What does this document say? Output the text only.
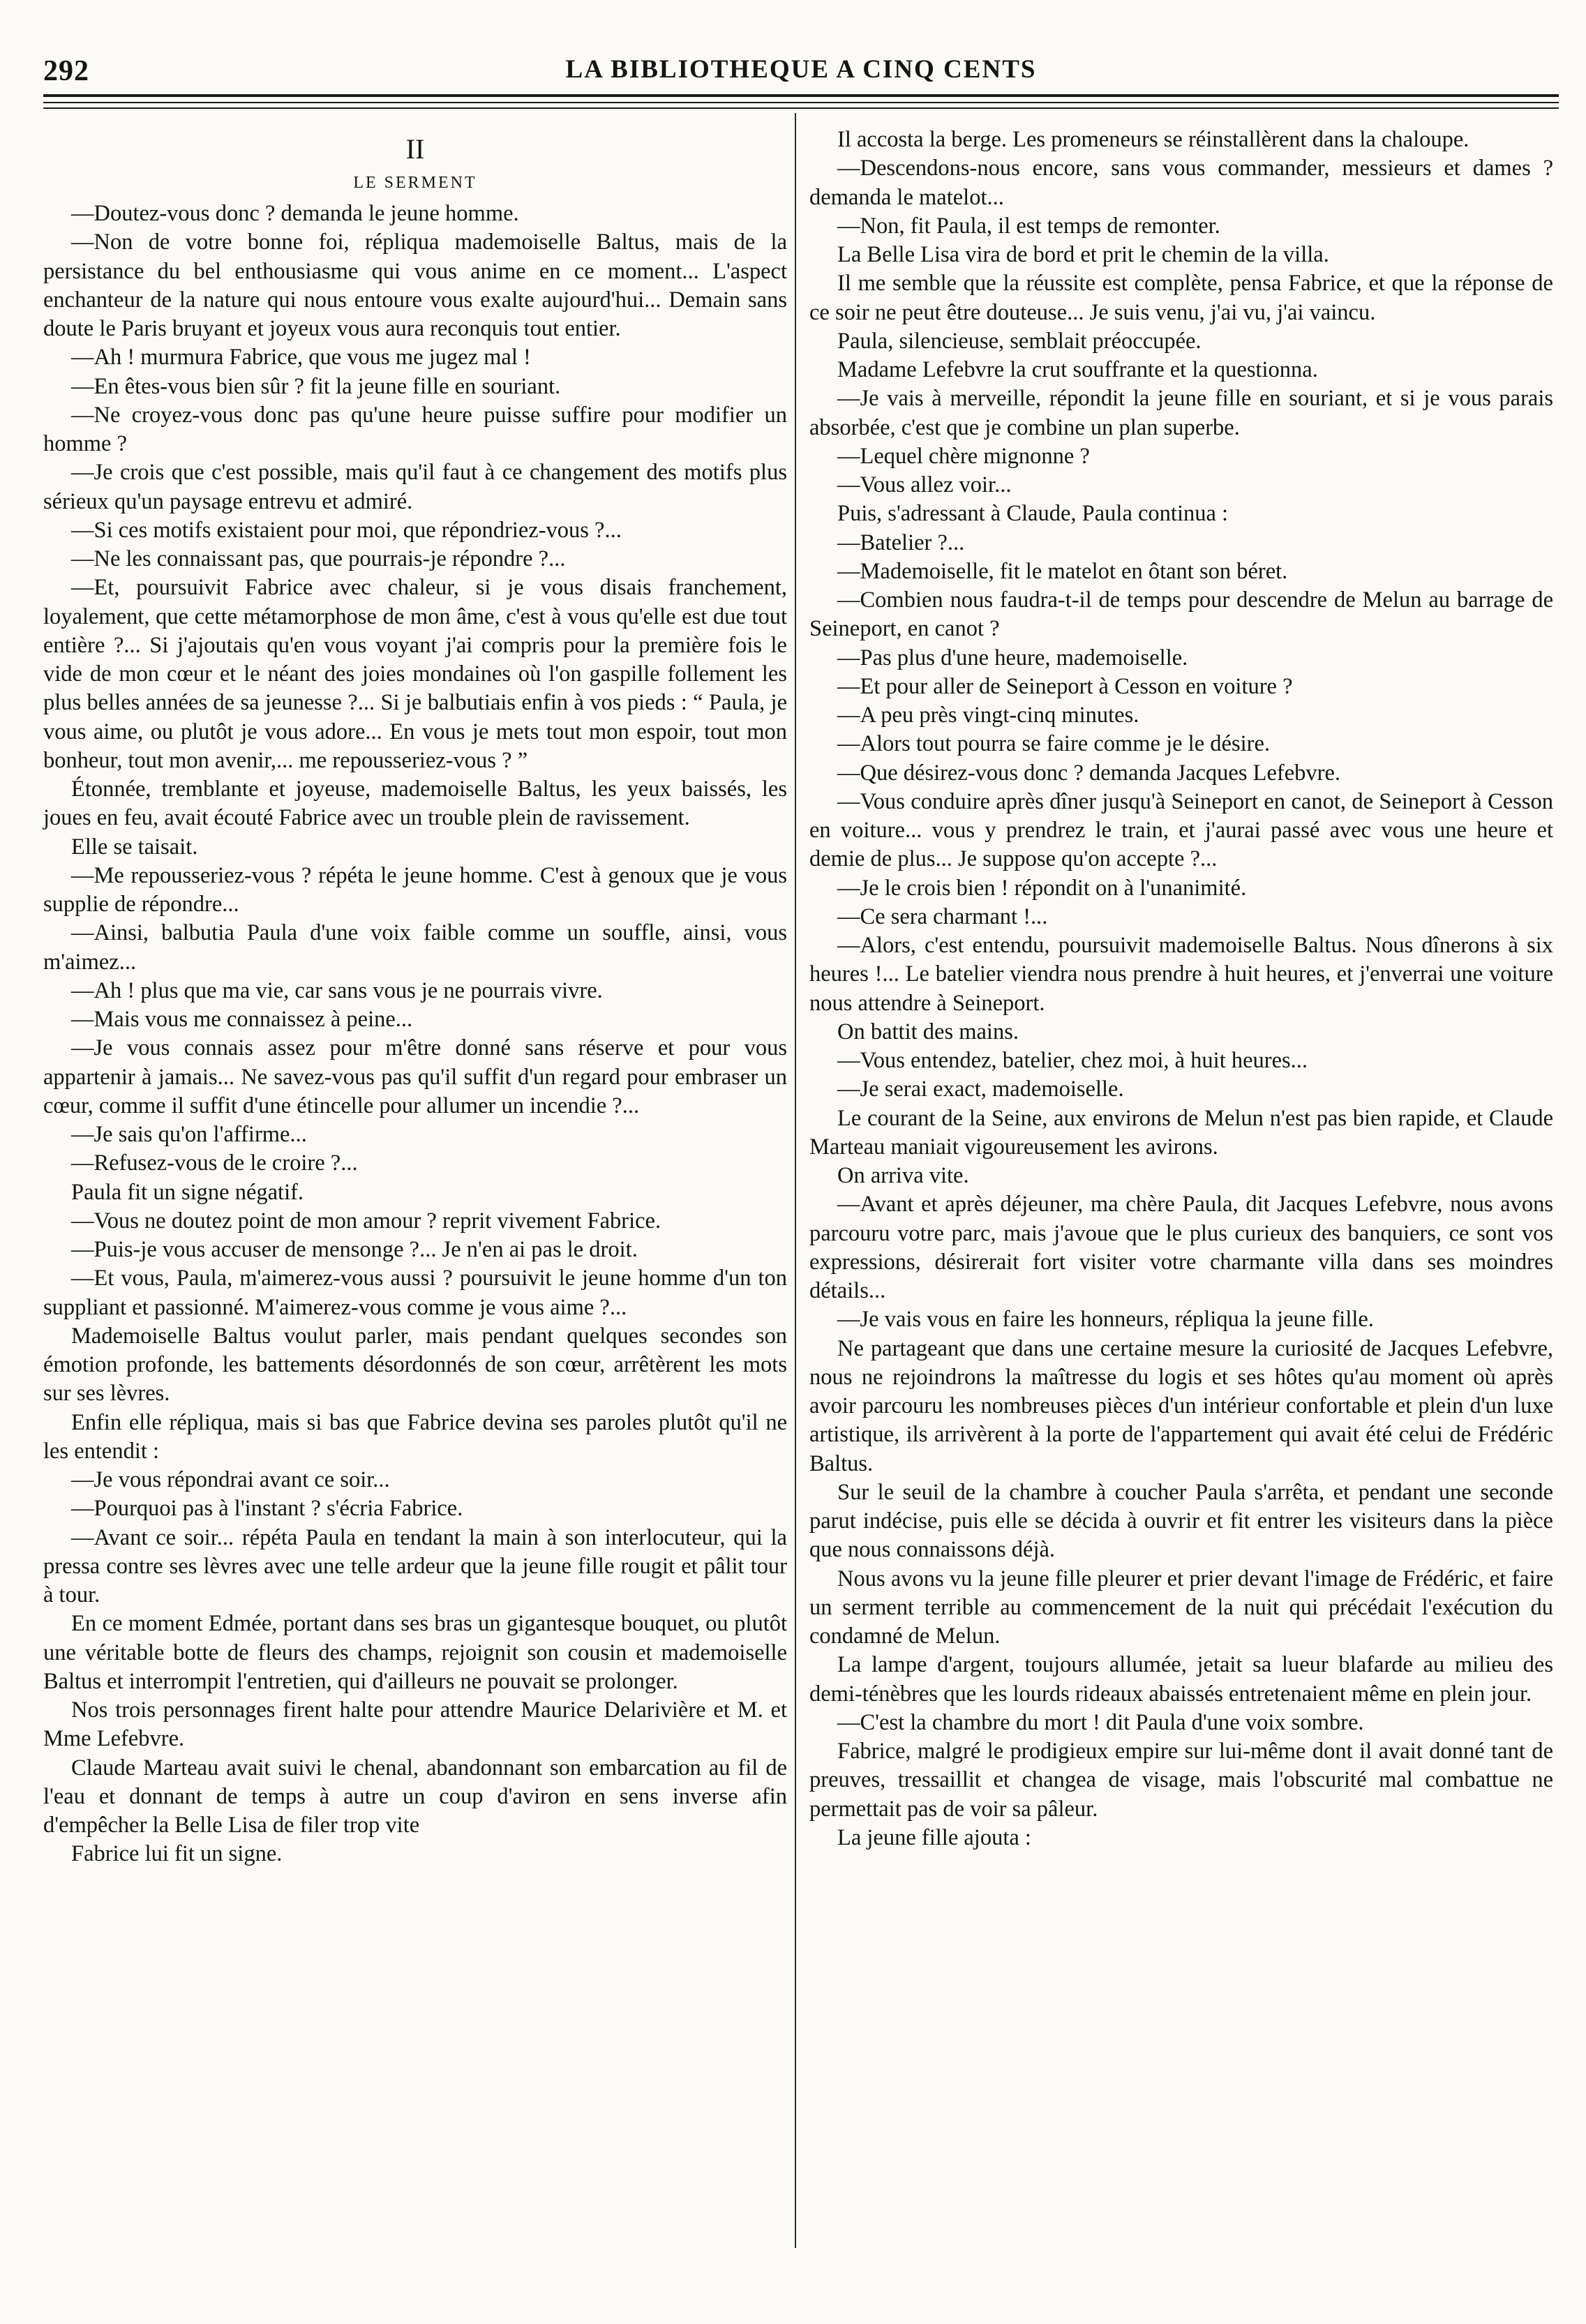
292	LA BIBLIOTHEQUE A CINQ CENTS
II
LE SERMENT

—Doutez-vous donc ? demanda le jeune homme.

—Non de votre bonne foi, répliqua mademoiselle Baltus, mais de la persistance du bel enthousiasme qui vous anime en ce moment... L'aspect enchanteur de la nature qui nous entoure vous exalte aujourd'hui... Demain sans doute le Paris bruyant et joyeux vous aura reconquis tout entier.

—Ah ! murmura Fabrice, que vous me jugez mal !

—En êtes-vous bien sûr ? fit la jeune fille en souriant.

—Ne croyez-vous donc pas qu'une heure puisse suffire pour modifier un homme ?

—Je crois que c'est possible, mais qu'il faut à ce changement des motifs plus sérieux qu'un paysage entrevu et admiré.

—Si ces motifs existaient pour moi, que répondriez-vous ?...

—Ne les connaissant pas, que pourrais-je répondre ?...

—Et, poursuivit Fabrice avec chaleur, si je vous disais franchement, loyalement, que cette métamorphose de mon âme, c'est à vous qu'elle est due tout entière ?... Si j'ajoutais qu'en vous voyant j'ai compris pour la première fois le vide de mon cœur et le néant des joies mondaines où l'on gaspille follement les plus belles années de sa jeunesse ?... Si je balbutiais enfin à vos pieds : “ Paula, je vous aime, ou plutôt je vous adore... En vous je mets tout mon espoir, tout mon bonheur, tout mon avenir,... me repousseriez-vous ? ”

Étonnée, tremblante et joyeuse, mademoiselle Baltus, les yeux baissés, les joues en feu, avait écouté Fabrice avec un trouble plein de ravissement.

Elle se taisait.

—Me repousseriez-vous ? répéta le jeune homme. C'est à genoux que je vous supplie de répondre...

—Ainsi, balbutia Paula d'une voix faible comme un souffle, ainsi, vous m'aimez...

—Ah ! plus que ma vie, car sans vous je ne pourrais vivre.

—Mais vous me connaissez à peine...

—Je vous connais assez pour m'être donné sans réserve et pour vous appartenir à jamais... Ne savez-vous pas qu'il suffit d'un regard pour embraser un cœur, comme il suffit d'une étincelle pour allumer un incendie ?...

—Je sais qu'on l'affirme...

—Refusez-vous de le croire ?...

Paula fit un signe négatif.

—Vous ne doutez point de mon amour ? reprit vivement Fabrice.

—Puis-je vous accuser de mensonge ?... Je n'en ai pas le droit.

—Et vous, Paula, m'aimerez-vous aussi ? poursuivit le jeune homme d'un ton suppliant et passionné. M'aimerez-vous comme je vous aime ?...

Mademoiselle Baltus voulut parler, mais pendant quelques secondes son émotion profonde, les battements désordonnés de son cœur, arrêtèrent les mots sur ses lèvres.

Enfin elle répliqua, mais si bas que Fabrice devina ses paroles plutôt qu'il ne les entendit :

—Je vous répondrai avant ce soir...

—Pourquoi pas à l'instant ? s'écria Fabrice.

—Avant ce soir... répéta Paula en tendant la main à son interlocuteur, qui la pressa contre ses lèvres avec une telle ardeur que la jeune fille rougit et pâlit tour à tour.

En ce moment Edmée, portant dans ses bras un gigantesque bouquet, ou plutôt une véritable botte de fleurs des champs, rejoignit son cousin et mademoiselle Baltus et interrompit l'entretien, qui d'ailleurs ne pouvait se prolonger.

Nos trois personnages firent halte pour attendre Maurice Delarivière et M. et Mme Lefebvre.

Claude Marteau avait suivi le chenal, abandonnant son embarcation au fil de l'eau et donnant de temps à autre un coup d'aviron en sens inverse afin d'empêcher la Belle Lisa de filer trop vite

Fabrice lui fit un signe.

Il accosta la berge. Les promeneurs se réinstallèrent dans la chaloupe.

—Descendons-nous encore, sans vous commander, messieurs et dames ? demanda le matelot...

—Non, fit Paula, il est temps de remonter.

La Belle Lisa vira de bord et prit le chemin de la villa.

Il me semble que la réussite est complète, pensa Fabrice, et que la réponse de ce soir ne peut être douteuse... Je suis venu, j'ai vu, j'ai vaincu.

Paula, silencieuse, semblait préoccupée.

Madame Lefebvre la crut souffrante et la questionna.

—Je vais à merveille, répondit la jeune fille en souriant, et si je vous parais absorbée, c'est que je combine un plan superbe.

—Lequel chère mignonne ?

—Vous allez voir...

Puis, s'adressant à Claude, Paula continua :

—Batelier ?...

—Mademoiselle, fit le matelot en ôtant son béret.

—Combien nous faudra-t-il de temps pour descendre de Melun au barrage de Seineport, en canot ?

—Pas plus d'une heure, mademoiselle.

—Et pour aller de Seineport à Cesson en voiture ?

—A peu près vingt-cinq minutes.

—Alors tout pourra se faire comme je le désire.

—Que désirez-vous donc ? demanda Jacques Lefebvre.

—Vous conduire après dîner jusqu'à Seineport en canot, de Seineport à Cesson en voiture... vous y prendrez le train, et j'aurai passé avec vous une heure et demie de plus... Je suppose qu'on accepte ?...

—Je le crois bien ! répondit on à l'unanimité.

—Ce sera charmant !...

—Alors, c'est entendu, poursuivit mademoiselle Baltus. Nous dînerons à six heures !... Le batelier viendra nous prendre à huit heures, et j'enverrai une voiture nous attendre à Seineport.

On battit des mains.

—Vous entendez, batelier, chez moi, à huit heures...

—Je serai exact, mademoiselle.

Le courant de la Seine, aux environs de Melun n'est pas bien rapide, et Claude Marteau maniait vigoureusement les avirons.

On arriva vite.

—Avant et après déjeuner, ma chère Paula, dit Jacques Lefebvre, nous avons parcouru votre parc, mais j'avoue que le plus curieux des banquiers, ce sont vos expressions, désirerait fort visiter votre charmante villa dans ses moindres détails...

—Je vais vous en faire les honneurs, répliqua la jeune fille.

Ne partageant que dans une certaine mesure la curiosité de Jacques Lefebvre, nous ne rejoindrons la maîtresse du logis et ses hôtes qu'au moment où après avoir parcouru les nombreuses pièces d'un intérieur confortable et plein d'un luxe artistique, ils arrivèrent à la porte de l'appartement qui avait été celui de Frédéric Baltus.

Sur le seuil de la chambre à coucher Paula s'arrêta, et pendant une seconde parut indécise, puis elle se décida à ouvrir et fit entrer les visiteurs dans la pièce que nous connaissons déjà.

Nous avons vu la jeune fille pleurer et prier devant l'image de Frédéric, et faire un serment terrible au commencement de la nuit qui précédait l'exécution du condamné de Melun.

La lampe d'argent, toujours allumée, jetait sa lueur blafarde au milieu des demi-ténèbres que les lourds rideaux abaissés entretenaient même en plein jour.

—C'est la chambre du mort ! dit Paula d'une voix sombre.

Fabrice, malgré le prodigieux empire sur lui-même dont il avait donné tant de preuves, tressaillit et changea de visage, mais l'obscurité mal combattue ne permettait pas de voir sa pâleur.

La jeune fille ajouta :
